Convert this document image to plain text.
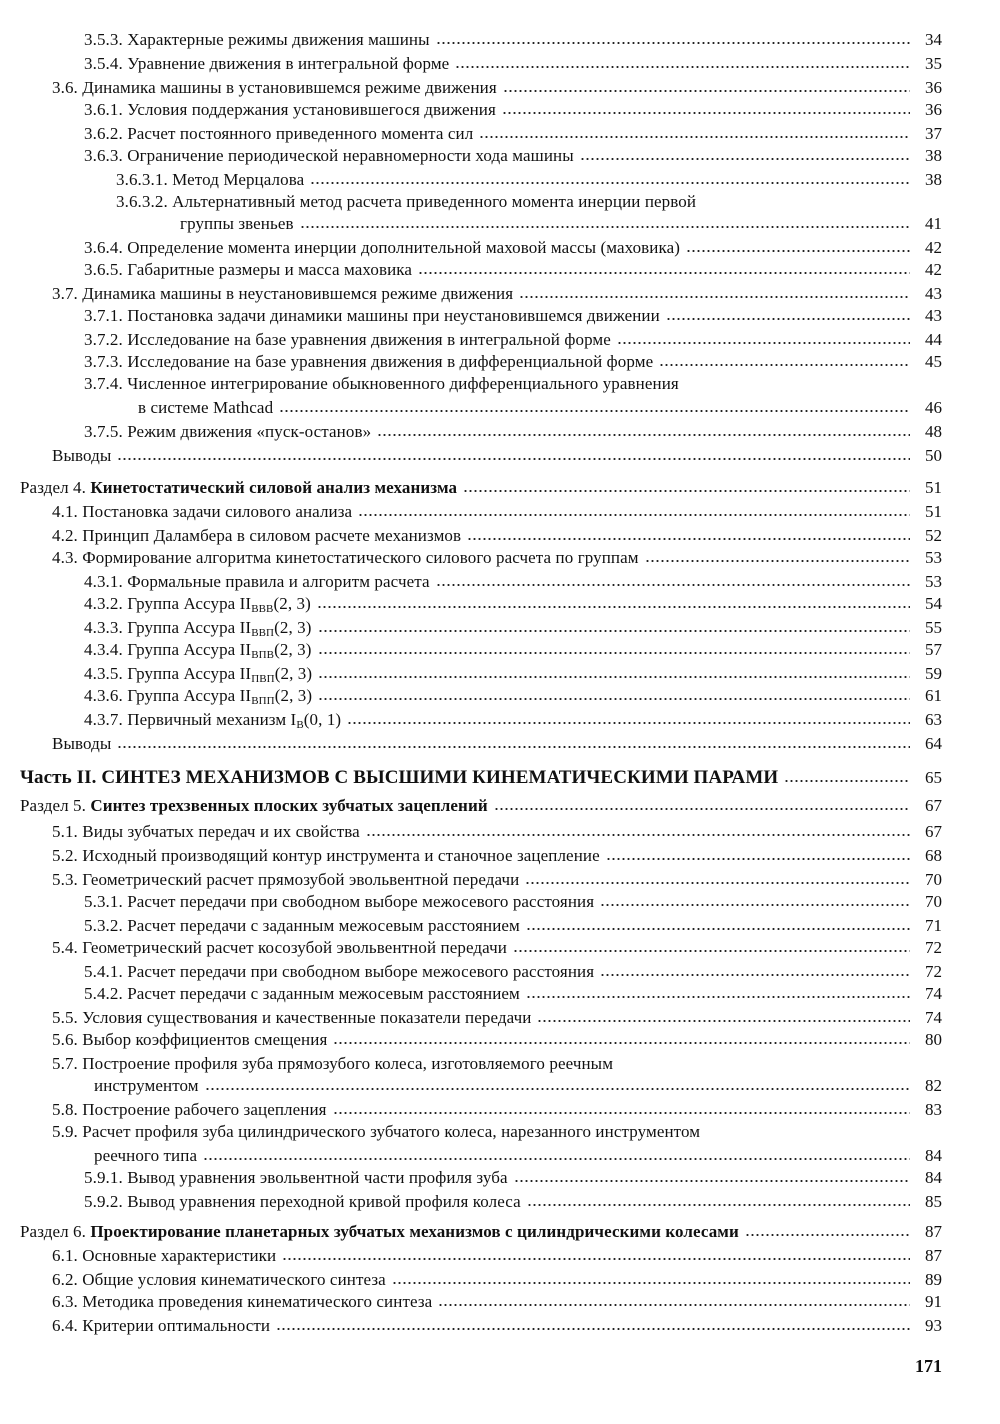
3.5.3. Характерные режимы движения машины	34
3.5.4. Уравнение движения в интегральной форме	35
3.6. Динамика машины в установившемся режиме движения	36
3.6.1. Условия поддержания установившегося движения	36
3.6.2. Расчет постоянного приведенного момента сил	37
3.6.3. Ограничение периодической неравномерности хода машины	38
3.6.3.1. Метод Мерцалова	38
3.6.3.2. Альтернативный метод расчета приведенного момента инерции первой
группы звеньев	41
3.6.4. Определение момента инерции дополнительной маховой массы (маховика)	42
3.6.5. Габаритные размеры и масса маховика	42
3.7. Динамика машины в неустановившемся режиме движения	43
3.7.1. Постановка задачи динамики машины при неустановившемся движении	43
3.7.2. Исследование на базе уравнения движения в интегральной форме	44
3.7.3. Исследование на базе уравнения движения в дифференциальной форме	45
3.7.4. Численное интегрирование обыкновенного дифференциального уравнения
в системе Mathcad	46
3.7.5. Режим движения «пуск-останов»	48
Выводы	50
Раздел 4. Кинетостатический силовой анализ механизма	51
4.1. Постановка задачи силового анализа	51
4.2. Принцип Даламбера в силовом расчете механизмов	52
4.3. Формирование алгоритма кинетостатического силового расчета по группам	53
4.3.1. Формальные правила и алгоритм расчета	53
4.3.2. Группа Ассура $II_{ВВВ}(2$, 3)	54
4.3.3. Группа Ассура $II_{ВВП}(2$, 3)	55
4.3.4. Группа Ассура $II_{ВПВ}(2$, 3)	57
4.3.5. Группа Ассура $II_{ПВП}(2$, 3)	59
4.3.6. Группа Ассура $II_{ВПП}(2$, 3)	61
4.3.7. Первичный механизм $I_В(0$, 1)	63
Выводы	64
Часть II. СИНТЕЗ МЕХАНИЗМОВ С ВЫСШИМИ КИНЕМАТИЧЕСКИМИ ПАРАМИ	65
Раздел 5. Синтез трехзвенных плоских зубчатых зацеплений	67
5.1. Виды зубчатых передач и их свойства	67
5.2. Исходный производящий контур инструмента и станочное зацепление	68
5.3. Геометрический расчет прямозубой эвольвентной передачи	70
5.3.1. Расчет передачи при свободном выборе межосевого расстояния	70
5.3.2. Расчет передачи с заданным межосевым расстоянием	71
5.4. Геометрический расчет косозубой эвольвентной передачи	72
5.4.1. Расчет передачи при свободном выборе межосевого расстояния	72
5.4.2. Расчет передачи с заданным межосевым расстоянием	74
5.5. Условия существования и качественные показатели передачи	74
5.6. Выбор коэффициентов смещения	80
5.7. Построение профиля зуба прямозубого колеса, изготовляемого реечным
инструментом	82
5.8. Построение рабочего зацепления	83
5.9. Расчет профиля зуба цилиндрического зубчатого колеса, нарезанного инструментом
реечного типа	84
5.9.1. Вывод уравнения эвольвентной части профиля зуба	84
5.9.2. Вывод уравнения переходной кривой профиля колеса	85
Раздел 6. Проектирование планетарных зубчатых механизмов с цилиндрическими колесами	87
6.1. Основные характеристики	87
6.2. Общие условия кинематического синтеза	89
6.3. Методика проведения кинематического синтеза	91
6.4. Критерии оптимальности	93
171
